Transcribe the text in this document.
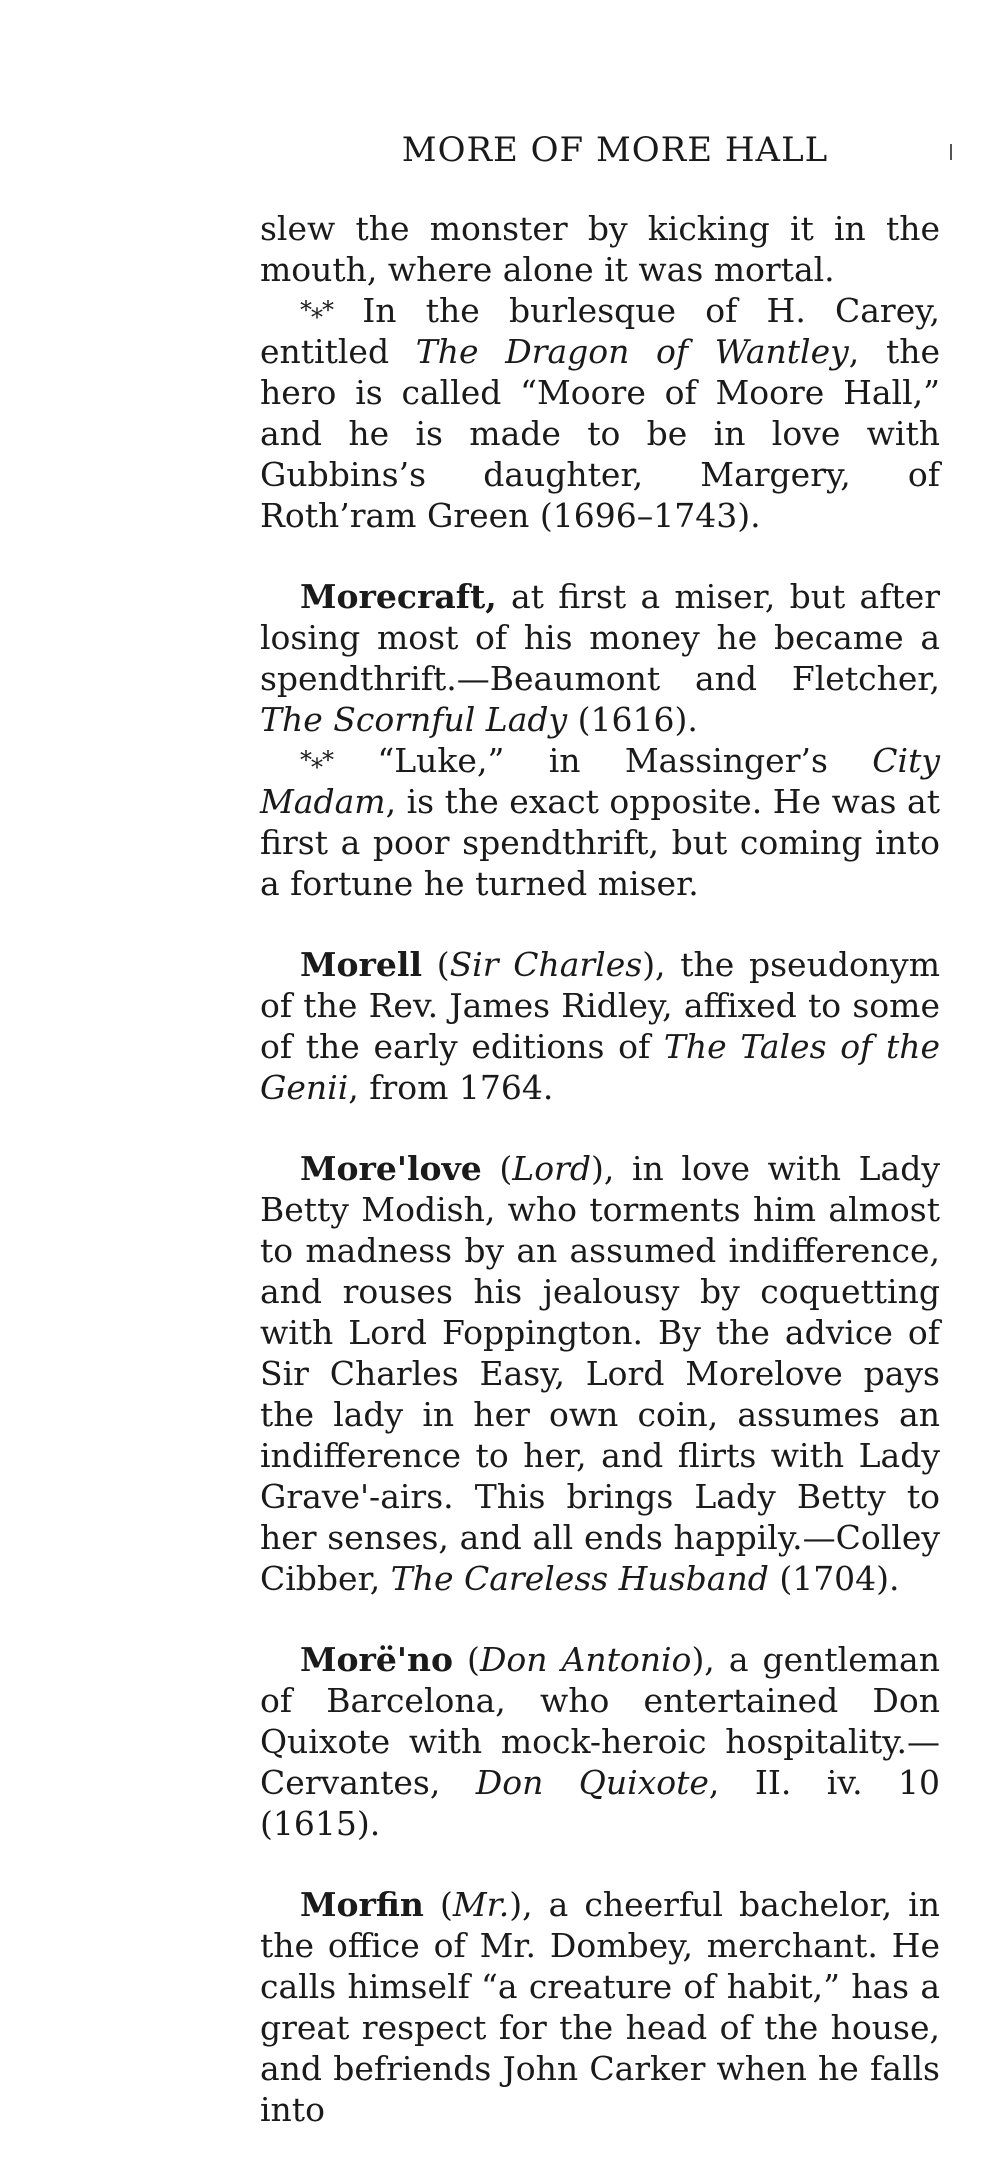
MORE OF MORE HALL

slew the monster by kicking it in the mouth, where alone it was mortal.

*⁎* In the burlesque of H. Carey, entitled The Dragon of Wantley, the hero is called “Moore of Moore Hall,” and he is made to be in love with Gubbins’s daughter, Margery, of Roth’ram Green (1696–1743).

Morecraft, at first a miser, but after losing most of his money he became a spendthrift.—Beaumont and Fletcher, The Scornful Lady (1616).

*⁎* “Luke,” in Massinger’s City Madam, is the exact opposite. He was at first a poor spendthrift, but coming into a fortune he turned miser.

Morell (Sir Charles), the pseudonym of the Rev. James Ridley, affixed to some of the early editions of The Tales of the Genii, from 1764.

More'love (Lord), in love with Lady Betty Modish, who torments him almost to madness by an assumed indifference, and rouses his jealousy by coquetting with Lord Foppington. By the advice of Sir Charles Easy, Lord Morelove pays the lady in her own coin, assumes an indifference to her, and flirts with Lady Grave'-airs. This brings Lady Betty to her senses, and all ends happily.—Colley Cibber, The Careless Husband (1704).

Morë'no (Don Antonio), a gentleman of Barcelona, who entertained Don Quixote with mock-heroic hospitality.—Cervantes, Don Quixote, II. iv. 10 (1615).

Morfin (Mr.), a cheerful bachelor, in the office of Mr. Dombey, merchant. He calls himself “a creature of habit,” has a great respect for the head of the house, and befriends John Carker when he falls into
